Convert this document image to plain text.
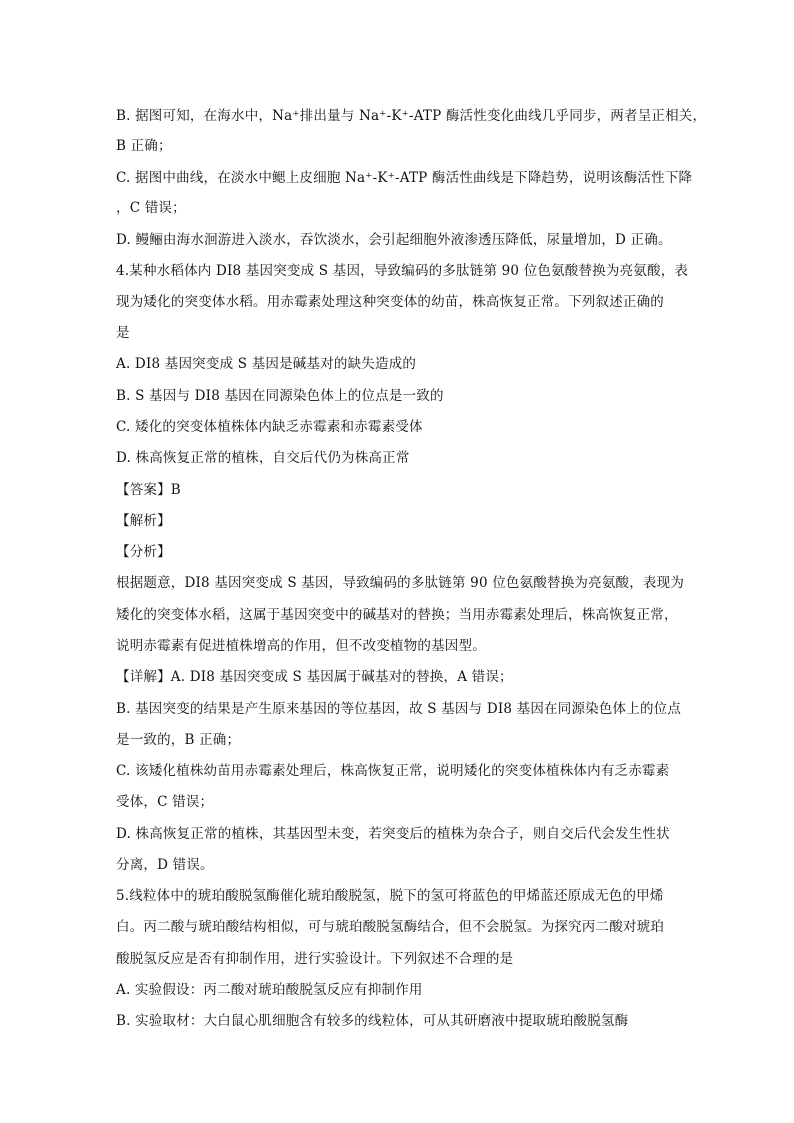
B. 据图可知，在海水中，Na⁺排出量与 Na⁺-K⁺-ATP 酶活性变化曲线几乎同步，两者呈正相关，
B 正确；
C. 据图中曲线，在淡水中鳃上皮细胞 Na⁺-K⁺-ATP 酶活性曲线是下降趋势，说明该酶活性下降
，C 错误；
D. 鳗鲡由海水洄游进入淡水，吞饮淡水，会引起细胞外液渗透压降低，尿量增加，D 正确。
4.某种水稻体内 DI8 基因突变成 S 基因，导致编码的多肽链第 90 位色氨酸替换为亮氨酸，表
现为矮化的突变体水稻。用赤霉素处理这种突变体的幼苗，株高恢复正常。下列叙述正确的
是
A. DI8 基因突变成 S 基因是碱基对的缺失造成的
B. S 基因与 DI8 基因在同源染色体上的位点是一致的
C. 矮化的突变体植株体内缺乏赤霉素和赤霉素受体
D. 株高恢复正常的植株，自交后代仍为株高正常
【答案】B
【解析】
【分析】
根据题意，DI8 基因突变成 S 基因，导致编码的多肽链第 90 位色氨酸替换为亮氨酸，表现为
矮化的突变体水稻，这属于基因突变中的碱基对的替换；当用赤霉素处理后，株高恢复正常，
说明赤霉素有促进植株增高的作用，但不改变植物的基因型。
【详解】A. DI8 基因突变成 S 基因属于碱基对的替换，A 错误；
B. 基因突变的结果是产生原来基因的等位基因，故 S 基因与 DI8 基因在同源染色体上的位点
是一致的，B 正确；
C. 该矮化植株幼苗用赤霉素处理后，株高恢复正常，说明矮化的突变体植株体内有乏赤霉素
受体，C 错误；
D. 株高恢复正常的植株，其基因型未变，若突变后的植株为杂合子，则自交后代会发生性状
分离，D 错误。
5.线粒体中的琥珀酸脱氢酶催化琥珀酸脱氢，脱下的氢可将蓝色的甲烯蓝还原成无色的甲烯
白。丙二酸与琥珀酸结构相似，可与琥珀酸脱氢酶结合，但不会脱氢。为探究丙二酸对琥珀
酸脱氢反应是否有抑制作用，进行实验设计。下列叙述不合理的是
A. 实验假设：丙二酸对琥珀酸脱氢反应有抑制作用
B. 实验取材：大白鼠心肌细胞含有较多的线粒体，可从其研磨液中提取琥珀酸脱氢酶
